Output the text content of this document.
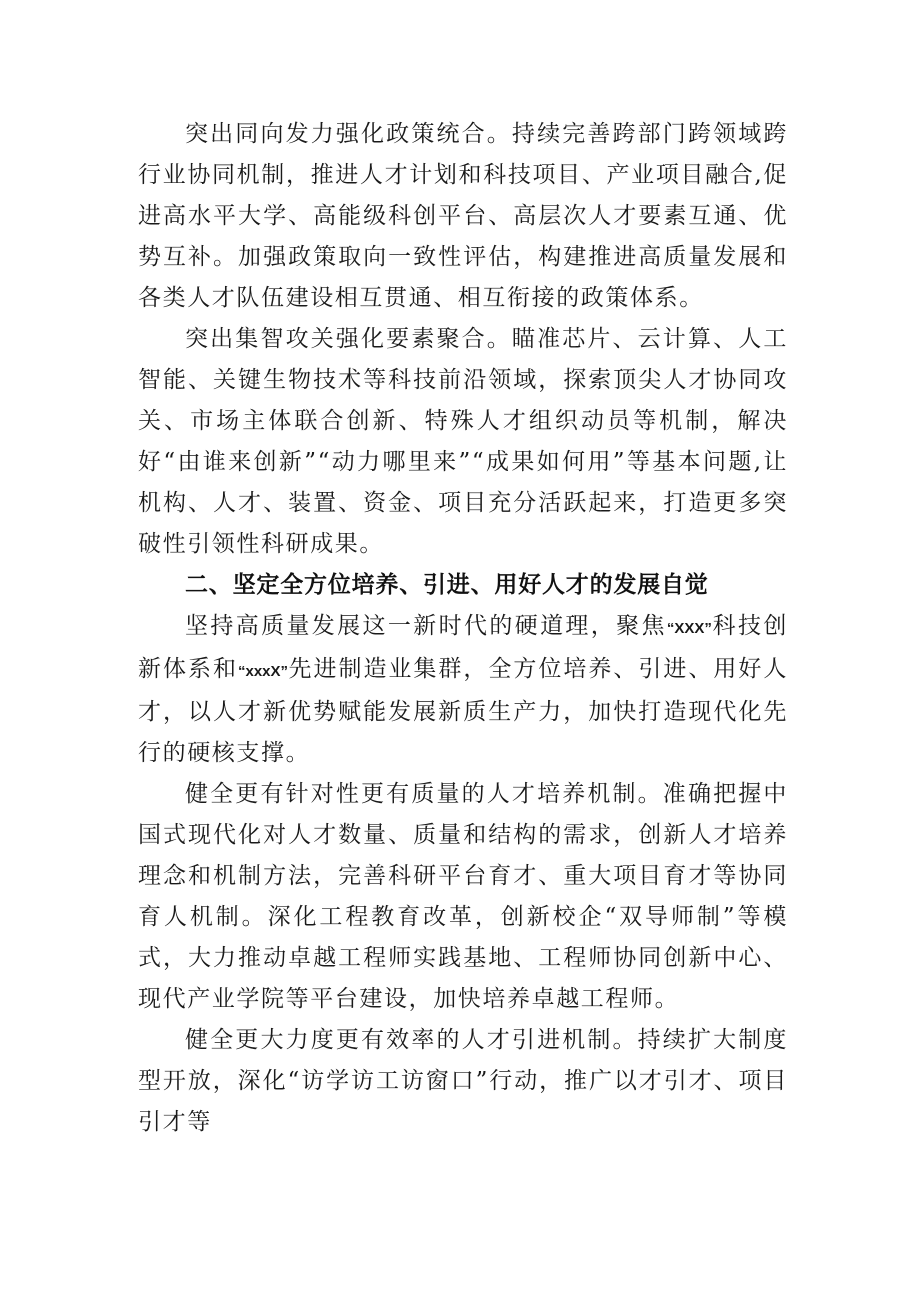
突出同向发力强化政策统合。持续完善跨部门跨领域跨行业协同机制，推进人才计划和科技项目、产业项目融合,促进高水平大学、高能级科创平台、高层次人才要素互通、优势互补。加强政策取向一致性评估，构建推进高质量发展和各类人才队伍建设相互贯通、相互衔接的政策体系。

突出集智攻关强化要素聚合。瞄准芯片、云计算、人工智能、关键生物技术等科技前沿领域，探索顶尖人才协同攻关、市场主体联合创新、特殊人才组织动员等机制，解决好“由谁来创新”“动力哪里来”“成果如何用”等基本问题,让机构、人才、装置、资金、项目充分活跃起来，打造更多突破性引领性科研成果。

二、坚定全方位培养、引进、用好人才的发展自觉

坚持高质量发展这一新时代的硬道理，聚焦“XXX”科技创新体系和“xxxX”先进制造业集群，全方位培养、引进、用好人才，以人才新优势赋能发展新质生产力，加快打造现代化先行的硬核支撑。

健全更有针对性更有质量的人才培养机制。准确把握中国式现代化对人才数量、质量和结构的需求，创新人才培养理念和机制方法，完善科研平台育才、重大项目育才等协同育人机制。深化工程教育改革，创新校企“双导师制”等模式，大力推动卓越工程师实践基地、工程师协同创新中心、现代产业学院等平台建设，加快培养卓越工程师。

健全更大力度更有效率的人才引进机制。持续扩大制度型开放，深化“访学访工访窗口”行动，推广以才引才、项目引才等
